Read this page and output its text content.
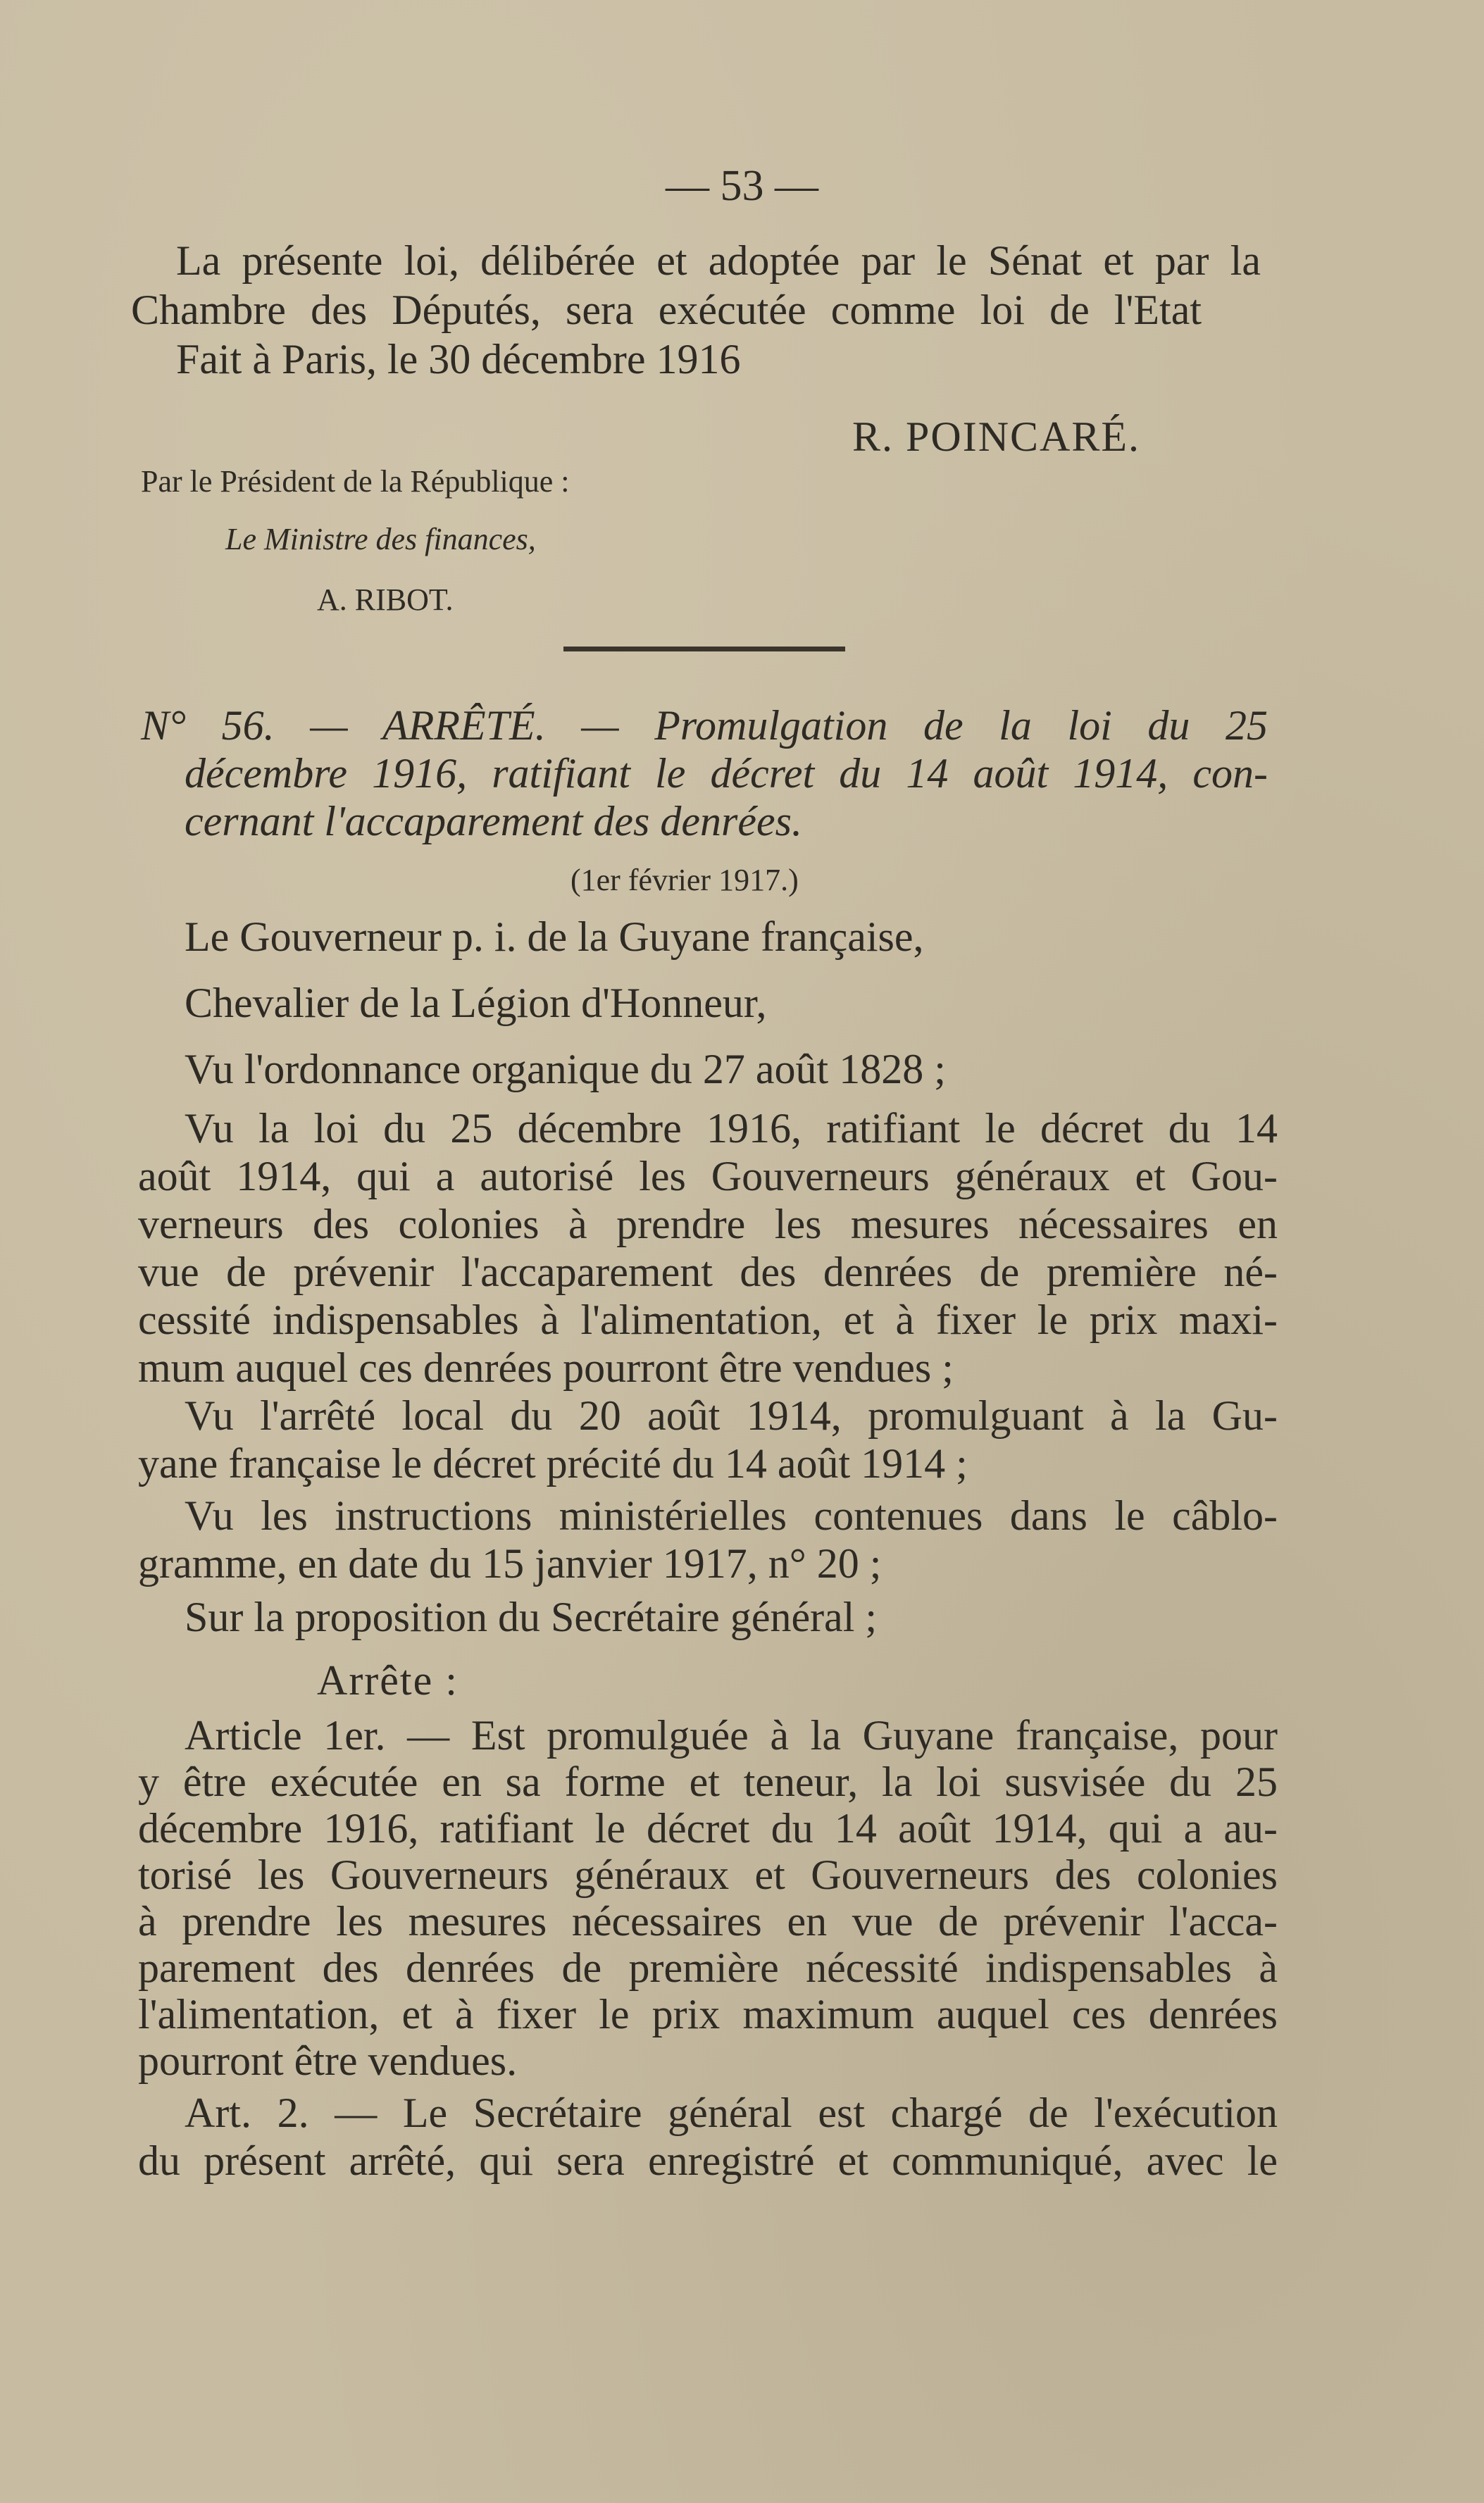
— 53 —
La présente loi, délibérée et adoptée par le Sénat et par la
Chambre des Députés, sera exécutée comme loi de l'Etat
Fait à Paris, le 30 décembre 1916
R. POINCARÉ.
Par le Président de la République :
Le Ministre des finances,
A. RIBOT.
N° 56. — ARRÊTÉ. — Promulgation de la loi du 25
décembre 1916, ratifiant le décret du 14 août 1914, con-
cernant l'accaparement des denrées.
(1er février 1917.)
Le Gouverneur p. i. de la Guyane française,
Chevalier de la Légion d'Honneur,
Vu l'ordonnance organique du 27 août 1828 ;
Vu la loi du 25 décembre 1916, ratifiant le décret du 14
août 1914, qui a autorisé les Gouverneurs généraux et Gou-
verneurs des colonies à prendre les mesures nécessaires en
vue de prévenir l'accaparement des denrées de première né-
cessité indispensables à l'alimentation, et à fixer le prix maxi-
mum auquel ces denrées pourront être vendues ;
Vu l'arrêté local du 20 août 1914, promulguant à la Gu-
yane française le décret précité du 14 août 1914 ;
Vu les instructions ministérielles contenues dans le câblo-
gramme, en date du 15 janvier 1917, n° 20 ;
Sur la proposition du Secrétaire général ;
Arrête :
Article 1er. — Est promulguée à la Guyane française, pour
y être exécutée en sa forme et teneur, la loi susvisée du 25
décembre 1916, ratifiant le décret du 14 août 1914, qui a au-
torisé les Gouverneurs généraux et Gouverneurs des colonies
à prendre les mesures nécessaires en vue de prévenir l'acca-
parement des denrées de première nécessité indispensables à
l'alimentation, et à fixer le prix maximum auquel ces denrées
pourront être vendues.
Art. 2. — Le Secrétaire général est chargé de l'exécution
du présent arrêté, qui sera enregistré et communiqué, avec le
